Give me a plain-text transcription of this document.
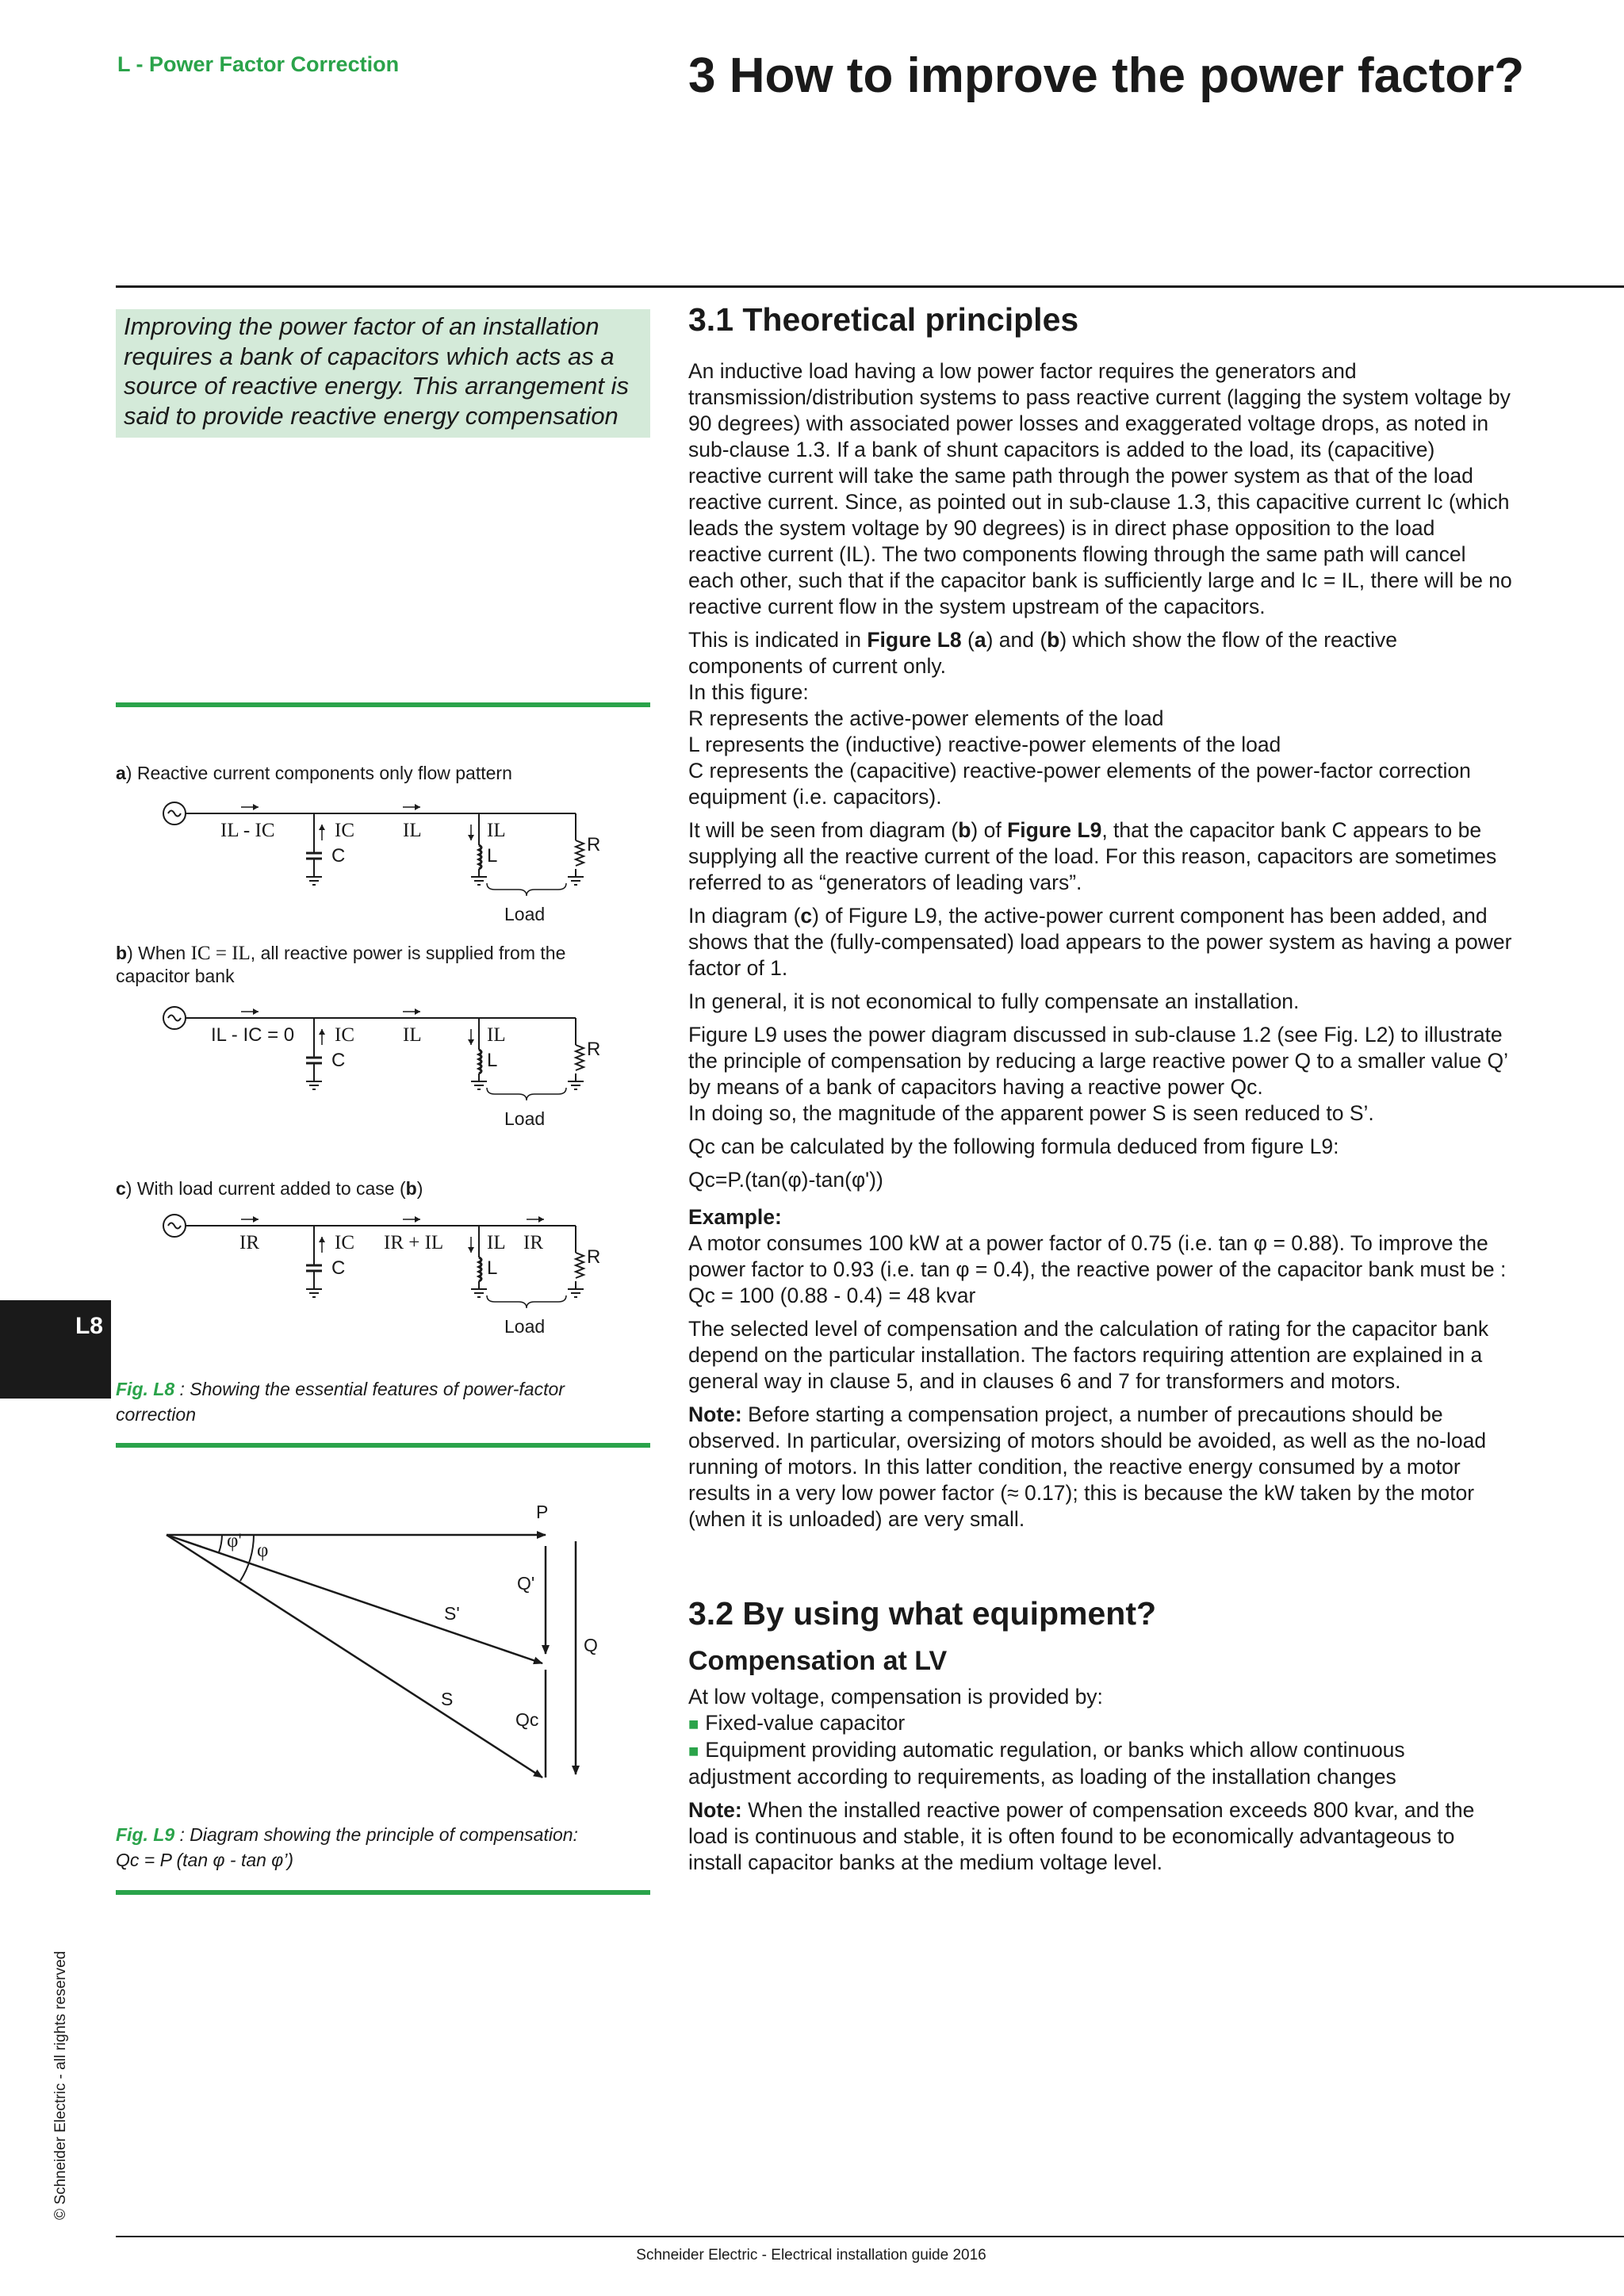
L - Power Factor Correction	3 How to improve the power factor?
L8
© Schneider Electric - all rights reserved
Improving the power factor of an installation
requires a bank of capacitors which acts as a
source of reactive energy. This arrangement is
said to provide reactive energy compensation
a) Reactive current components only flow pattern
b) When IC = IL, all reactive power is supplied from the capacitor bank
c) With load current added to case (b)
IL - IC	IC
C
IL	IL
L
R
Load
IL - IC = 0 IC
C
IL	IL
L
R
Load
IR	IC
C
IR + IL IL IR
L
R
Load
Fig. L8 : Showing the essential features of power-factor correction
P
φ' φ
Q'
S'
Q
S
Qc
Fig. L9 : Diagram showing the principle of compensation:
Qc = P (tan φ - tan φ’)
3.1 Theoretical principles

An inductive load having a low power factor requires the generators and transmission/distribution systems to pass reactive current (lagging the system voltage by 90 degrees) with associated power losses and exaggerated voltage drops, as noted in sub-clause 1.3. If a bank of shunt capacitors is added to the load, its (capacitive) reactive current will take the same path through the power system as that of the load reactive current. Since, as pointed out in sub-clause 1.3, this capacitive current Ic (which leads the system voltage by 90 degrees) is in direct phase opposition to the load reactive current (IL). The two components flowing through the same path will cancel each other, such that if the capacitor bank is sufficiently large and Ic = IL, there will be no reactive current flow in the system upstream of the capacitors.

This is indicated in Figure L8 (a) and (b) which show the flow of the reactive components of current only.
In this figure:
R represents the active-power elements of the load
L represents the (inductive) reactive-power elements of the load
C represents the (capacitive) reactive-power elements of the power-factor correction equipment (i.e. capacitors).

It will be seen from diagram (b) of Figure L9, that the capacitor bank C appears to be supplying all the reactive current of the load. For this reason, capacitors are sometimes referred to as “generators of leading vars”.

In diagram (c) of Figure L9, the active-power current component has been added, and shows that the (fully-compensated) load appears to the power system as having a power factor of 1.

In general, it is not economical to fully compensate an installation.

Figure L9 uses the power diagram discussed in sub-clause 1.2 (see Fig. L2) to illustrate the principle of compensation by reducing a large reactive power Q to a smaller value Q’ by means of a bank of capacitors having a reactive power Qc.
In doing so, the magnitude of the apparent power S is seen reduced to S’.

Qc can be calculated by the following formula deduced from figure L9:

Qc=P.(tan(φ)-tan(φ'))

Example:
A motor consumes 100 kW at a power factor of 0.75 (i.e. tan φ = 0.88). To improve the power factor to 0.93 (i.e. tan φ = 0.4), the reactive power of the capacitor bank must be : Qc = 100 (0.88 - 0.4) = 48 kvar

The selected level of compensation and the calculation of rating for the capacitor bank depend on the particular installation. The factors requiring attention are explained in a general way in clause 5, and in clauses 6 and 7 for transformers and motors.

Note: Before starting a compensation project, a number of precautions should be observed. In particular, oversizing of motors should be avoided, as well as the no-load running of motors. In this latter condition, the reactive energy consumed by a motor results in a very low power factor (≈ 0.17); this is because the kW taken by the motor (when it is unloaded) are very small.

3.2 By using what equipment?
Compensation at LV
At low voltage, compensation is provided by:
■ Fixed-value capacitor

■ Equipment providing automatic regulation, or banks which allow continuous adjustment according to requirements, as loading of the installation changes

Note: When the installed reactive power of compensation exceeds 800 kvar, and the load is continuous and stable, it is often found to be economically advantageous to install capacitor banks at the medium voltage level.

Schneider Electric - Electrical installation guide 2016
